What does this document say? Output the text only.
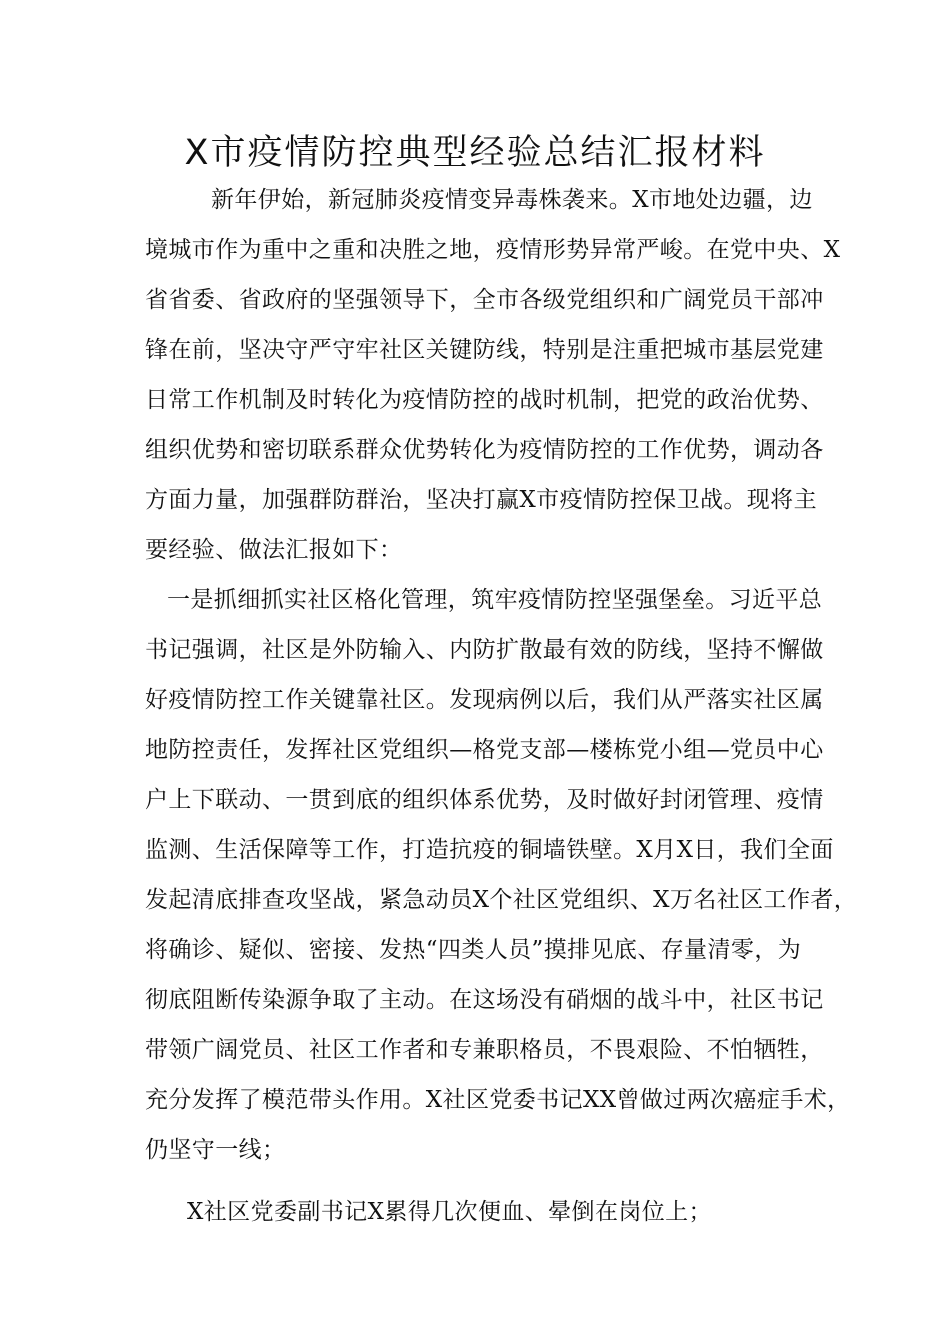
X市疫情防控典型经验总结汇报材料
新年伊始，新冠肺炎疫情变异毒株袭来。X市地处边疆，边
境城市作为重中之重和决胜之地，疫情形势异常严峻。在党中央、X
省省委、省政府的坚强领导下，全市各级党组织和广阔党员干部冲
锋在前，坚决守严守牢社区关键防线，特别是注重把城市基层党建
日常工作机制及时转化为疫情防控的战时机制，把党的政治优势、
组织优势和密切联系群众优势转化为疫情防控的工作优势，调动各
方面力量，加强群防群治，坚决打赢X市疫情防控保卫战。现将主
要经验、做法汇报如下：
一是抓细抓实社区格化管理，筑牢疫情防控坚强堡垒。习近平总
书记强调，社区是外防输入、内防扩散最有效的防线，坚持不懈做
好疫情防控工作关键靠社区。发现病例以后，我们从严落实社区属
地防控责任，发挥社区党组织—格党支部—楼栋党小组—党员中心
户上下联动、一贯到底的组织体系优势，及时做好封闭管理、疫情
监测、生活保障等工作，打造抗疫的铜墙铁壁。X月X日，我们全面
发起清底排查攻坚战，紧急动员X个社区党组织、X万名社区工作者，
将确诊、疑似、密接、发热“四类人员”摸排见底、存量清零，为
彻底阻断传染源争取了主动。在这场没有硝烟的战斗中，社区书记
带领广阔党员、社区工作者和专兼职格员，不畏艰险、不怕牺牲，
充分发挥了模范带头作用。X社区党委书记XX曾做过两次癌症手术，
仍坚守一线；
X社区党委副书记X累得几次便血、晕倒在岗位上；
